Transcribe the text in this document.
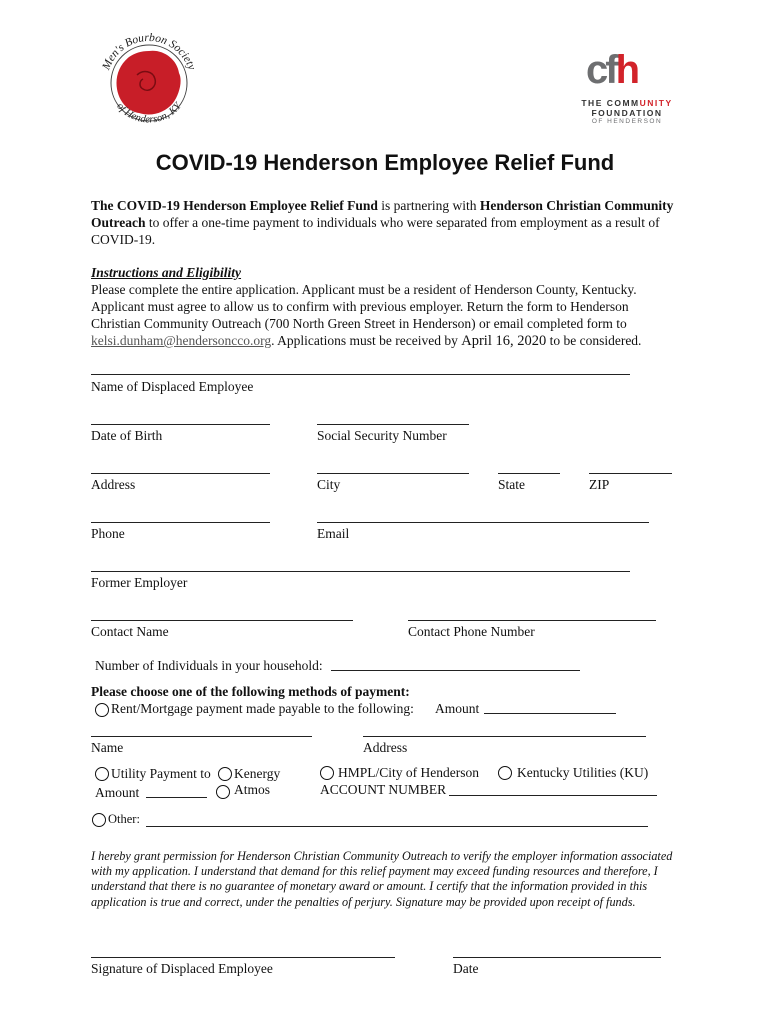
Men's Bourbon Society
of Henderson, KY
cfh
THE COMMUNITY
FOUNDATION
OF HENDERSON
COVID-19 Henderson Employee Relief Fund
The COVID-19 Henderson Employee Relief Fund is partnering with Henderson Christian Community Outreach to offer a one-time payment to individuals who were separated from employment as a result of COVID-19.
Instructions and Eligibility
Please complete the entire application. Applicant must be a resident of Henderson County, Kentucky. Applicant must agree to allow us to confirm with previous employer. Return the form to Henderson Christian Community Outreach (700 North Green Street in Henderson) or email completed form to kelsi.dunham@hendersoncco.org. Applications must be received by April 16, 2020 to be considered.
Name of Displaced Employee
Date of Birth	Social Security Number
Address	City	State	ZIP
Phone	Email
Former Employer
Contact Name	Contact Phone Number
Number of Individuals in your household:
Please choose one of the following methods of payment:
Rent/Mortgage payment made payable to the following: Amount
Name	Address
Utility Payment to Kenergy
Amount	Atmos
HMPL/City of Henderson	Kentucky Utilities (KU)
ACCOUNT NUMBER
Other:
I hereby grant permission for Henderson Christian Community Outreach to verify the employer information associated with my application. I understand that demand for this relief payment may exceed funding resources and therefore, I understand that there is no guarantee of monetary award or amount. I certify that the information provided in this application is true and correct, under the penalties of perjury. Signature may be provided upon receipt of funds.
Signature of Displaced Employee	Date
